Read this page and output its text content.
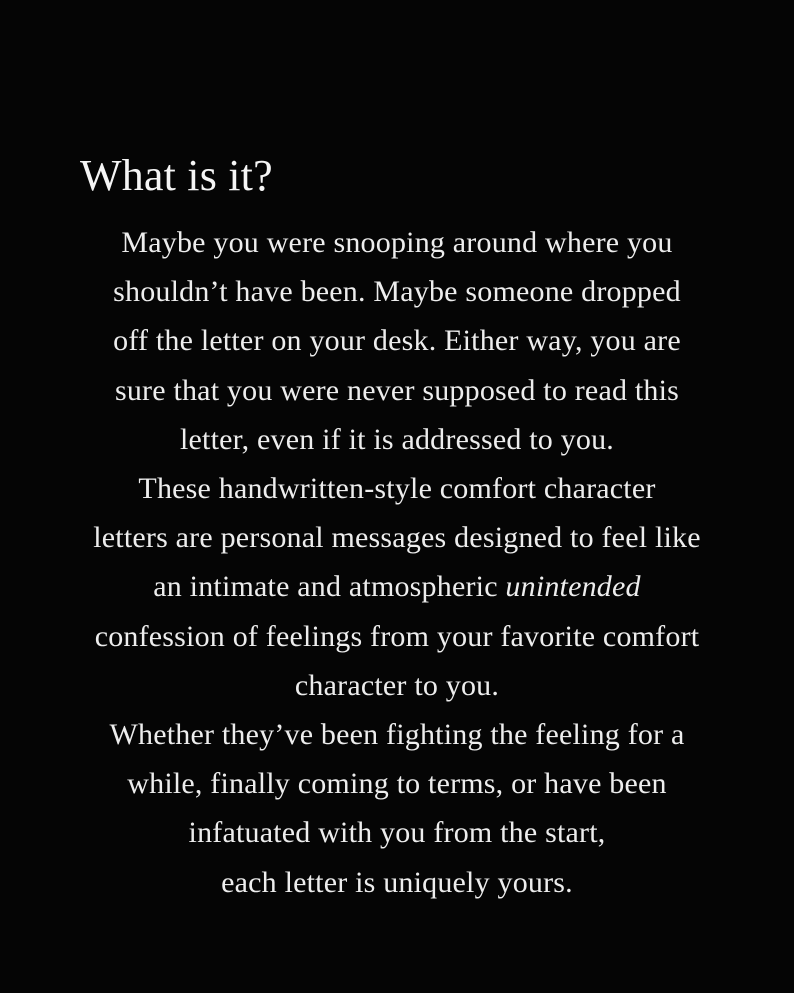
What is it?
Maybe you were snooping around where you
shouldn’t have been. Maybe someone dropped
off the letter on your desk. Either way, you are
sure that you were never supposed to read this
letter, even if it is addressed to you.
These handwritten-style comfort character
letters are personal messages designed to feel like
an intimate and atmospheric unintended
confession of feelings from your favorite comfort
character to you.
Whether they’ve been fighting the feeling for a
while, finally coming to terms, or have been
infatuated with you from the start,
each letter is uniquely yours.
